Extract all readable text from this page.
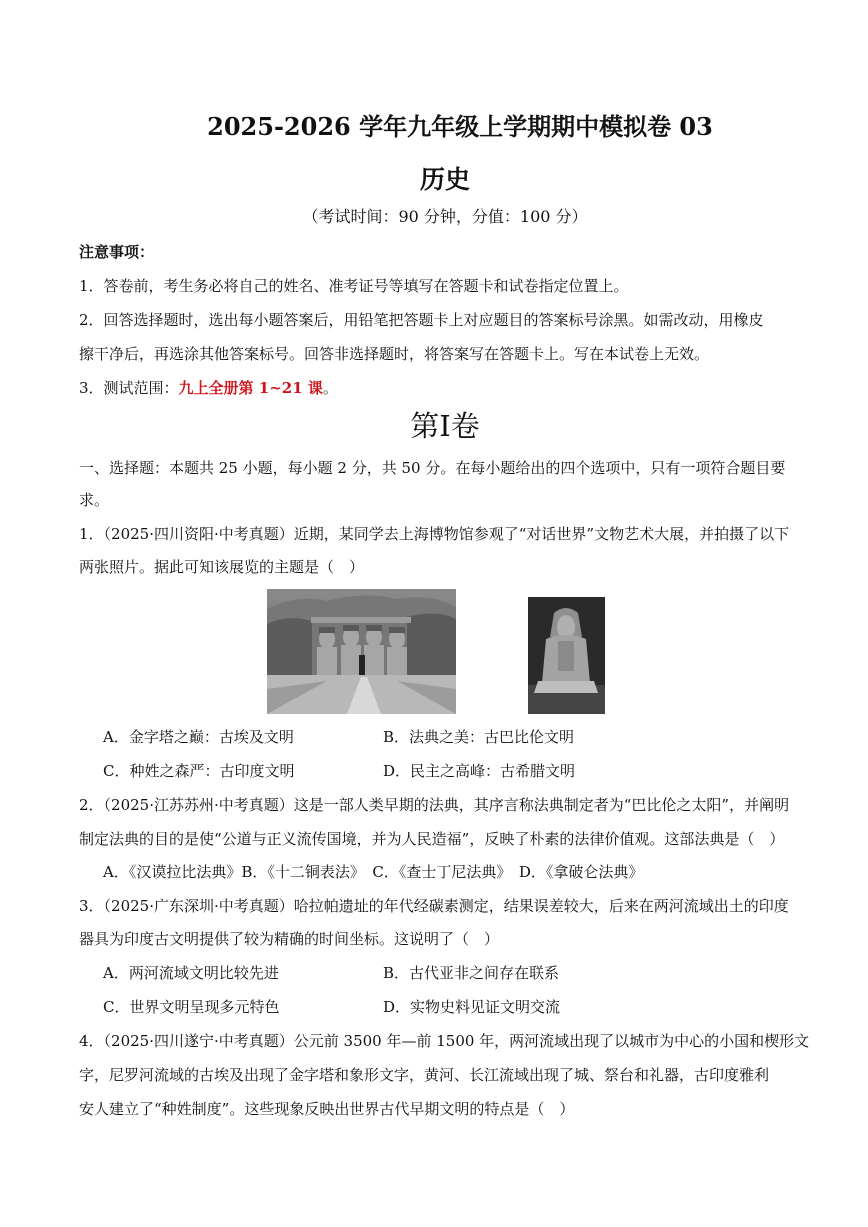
2025-2026 学年九年级上学期期中模拟卷 03
历史
（考试时间：90 分钟，分值：100 分）
注意事项：
1．答卷前，考生务必将自己的姓名、准考证号等填写在答题卡和试卷指定位置上。
2．回答选择题时，选出每小题答案后，用铅笔把答题卡上对应题目的答案标号涂黑。如需改动，用橡皮
擦干净后，再选涂其他答案标号。回答非选择题时，将答案写在答题卡上。写在本试卷上无效。
3．测试范围：九上全册第 1~21 课。
第I卷
一、选择题：本题共 25 小题，每小题 2 分，共 50 分。在每小题给出的四个选项中，只有一项符合题目要
求。
1．（2025·四川资阳·中考真题）近期，某同学去上海博物馆参观了“对话世界”文物艺术大展，并拍摄了以下
两张照片。据此可知该展览的主题是（　）
A．金字塔之巅：古埃及文明	B．法典之美：古巴比伦文明
C．种姓之森严：古印度文明	D．民主之高峰：古希腊文明
2．（2025·江苏苏州·中考真题）这是一部人类早期的法典，其序言称法典制定者为“巴比伦之太阳”，并阐明
制定法典的目的是使“公道与正义流传国境，并为人民造福”，反映了朴素的法律价值观。这部法典是（　）
A．《汉谟拉比法典》B．《十二铜表法》　C．《查士丁尼法典》　D．《拿破仑法典》
3．（2025·广东深圳·中考真题）哈拉帕遗址的年代经碳素测定，结果误差较大，后来在两河流域出土的印度
器具为印度古文明提供了较为精确的时间坐标。这说明了（　）
A．两河流域文明比较先进	B．古代亚非之间存在联系
C．世界文明呈现多元特色	D．实物史料见证文明交流
4．（2025·四川遂宁·中考真题）公元前 3500 年—前 1500 年，两河流域出现了以城市为中心的小国和楔形文
字，尼罗河流域的古埃及出现了金字塔和象形文字，黄河、长江流域出现了城、祭台和礼器，古印度雅利
安人建立了“种姓制度”。这些现象反映出世界古代早期文明的特点是（　）
